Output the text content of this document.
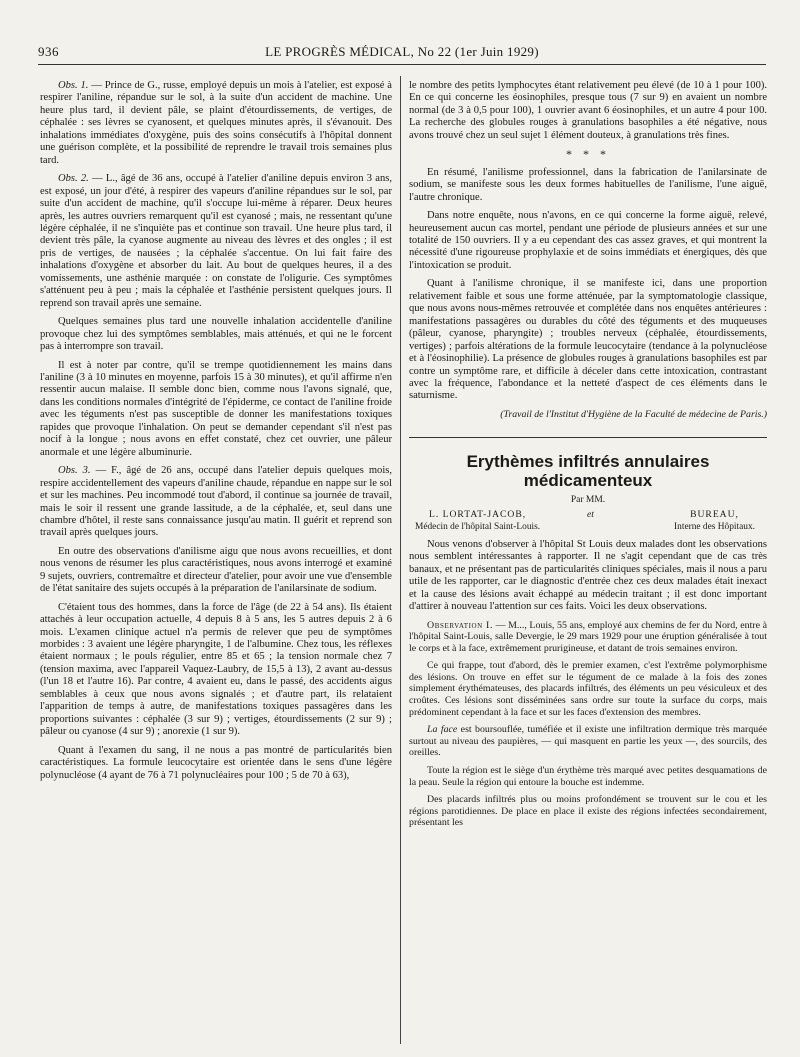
936	LE PROGRÈS MÉDICAL, No 22 (1er Juin 1929)

Obs. 1. — Prince de G., russe, employé depuis un mois à l'atelier, est exposé à respirer l'aniline, répandue sur le sol, à la suite d'un accident de machine. Une heure plus tard, il devient pâle, se plaint d'étourdissements, de vertiges, de céphalée : ses lèvres se cyanosent, et quelques minutes après, il s'évanouit. Des inhalations immédiates d'oxygène, puis des soins consécutifs à l'hôpital donnent une guérison complète, et la possibilité de reprendre le travail trois semaines plus tard.

Obs. 2. — L., âgé de 36 ans, occupé à l'atelier d'aniline depuis environ 3 ans, est exposé, un jour d'été, à respirer des vapeurs d'aniline répandues sur le sol, par suite d'un accident de machine, qu'il s'occupe lui-même à réparer. Deux heures après, les autres ouvriers remarquent qu'il est cyanosé ; mais, ne ressentant qu'une légère céphalée, il ne s'inquiète pas et continue son travail. Une heure plus tard, il devient très pâle, la cyanose augmente au niveau des lèvres et des ongles ; il est pris de vertiges, de nausées ; la céphalée s'accentue. On lui fait faire des inhalations d'oxygène et absorber du lait. Au bout de quelques heures, il a des vomissements, une asthénie marquée : on constate de l'oligurie. Ces symptômes s'atténuent peu à peu ; mais la céphalée et l'asthénie persistent quelques jours. Il reprend son travail après une semaine.

Quelques semaines plus tard une nouvelle inhalation accidentelle d'aniline provoque chez lui des symptômes semblables, mais atténués, et qui ne le forcent pas à interrompre son travail.

Il est à noter par contre, qu'il se trempe quotidiennement les mains dans l'aniline (3 à 10 minutes en moyenne, parfois 15 à 30 minutes), et qu'il affirme n'en ressentir aucun malaise. Il semble donc bien, comme nous l'avons signalé, que, dans les conditions normales d'intégrité de l'épiderme, ce contact de l'aniline froide avec les téguments n'est pas susceptible de donner les manifestations toxiques rapides que provoque l'inhalation. On peut se demander cependant s'il n'est pas nocif à la longue ; nous avons en effet constaté, chez cet ouvrier, une pâleur anormale et une légère albuminurie.

Obs. 3. — F., âgé de 26 ans, occupé dans l'atelier depuis quelques mois, respire accidentellement des vapeurs d'aniline chaude, répandue en nappe sur le sol et sur les machines. Peu incommodé tout d'abord, il continue sa journée de travail, mais le soir il ressent une grande lassitude, a de la céphalée, et, seul dans une chambre d'hôtel, il reste sans connaissance jusqu'au matin. Il guérit et reprend son travail après quelques jours.

En outre des observations d'anilisme aigu que nous avons recueillies, et dont nous venons de résumer les plus caractéristiques, nous avons interrogé et examiné 9 sujets, ouvriers, contremaître et directeur d'atelier, pour avoir une vue d'ensemble de l'état sanitaire des sujets occupés à la préparation de l'anilarsinate de sodium.

C'étaient tous des hommes, dans la force de l'âge (de 22 à 54 ans). Ils étaient attachés à leur occupation actuelle, 4 depuis 8 à 5 ans, les 5 autres depuis 2 à 6 mois. L'examen clinique actuel n'a permis de relever que peu de symptômes morbides : 3 avaient une légère pharyngite, 1 de l'albumine. Chez tous, les réflexes étaient normaux ; le pouls régulier, entre 85 et 65 ; la tension normale chez 7 (tension maxima, avec l'appareil Vaquez-Laubry, de 15,5 à 13), 2 avant au-dessus (l'un 18 et l'autre 16). Par contre, 4 avaient eu, dans le passé, des accidents aigus semblables à ceux que nous avons signalés ; et d'autre part, ils relataient l'apparition de temps à autre, de manifestations toxiques passagères dans les proportions suivantes : céphalée (3 sur 9) ; vertiges, étourdissements (2 sur 9) ; pâleur ou cyanose (4 sur 9) ; anorexie (1 sur 9).

Quant à l'examen du sang, il ne nous a pas montré de particularités bien caractéristiques. La formule leucocytaire est orientée dans le sens d'une légère polynucléose (4 ayant de 76 à 71 polynucléaires pour 100 ; 5 de 70 à 63),

le nombre des petits lymphocytes étant relativement peu élevé (de 10 à 1 pour 100). En ce qui concerne les éosinophiles, presque tous (7 sur 9) en avaient un nombre normal (de 3 à 0,5 pour 100), 1 ouvrier avant 6 éosinophiles, et un autre 4 pour 100. La recherche des globules rouges à granulations basophiles a été négative, nous avons trouvé chez un seul sujet 1 élément douteux, à granulations très fines.

* * *

En résumé, l'anilisme professionnel, dans la fabrication de l'anilarsinate de sodium, se manifeste sous les deux formes habituelles de l'anilisme, l'une aiguë, l'autre chronique.

Dans notre enquête, nous n'avons, en ce qui concerne la forme aiguë, relevé, heureusement aucun cas mortel, pendant une période de plusieurs années et sur une totalité de 150 ouvriers. Il y a eu cependant des cas assez graves, et qui montrent la nécessité d'une rigoureuse prophylaxie et de soins immédiats et énergiques, dès que l'intoxication se produit.

Quant à l'anilisme chronique, il se manifeste ici, dans une proportion relativement faible et sous une forme atténuée, par la symptomatologie classique, que nous avons nous-mêmes retrouvée et complétée dans nos enquêtes antérieures : manifestations passagères ou durables du côté des téguments et des muqueuses (pâleur, cyanose, pharyngite) ; troubles nerveux (céphalée, étourdissements, vertiges) ; parfois altérations de la formule leucocytaire (tendance à la polynucléose et à l'éosinophilie). La présence de globules rouges à granulations basophiles est par contre un symptôme rare, et difficile à déceler dans cette intoxication, contrastant avec la fréquence, l'abondance et la netteté d'aspect de ces éléments dans le saturnisme.

(Travail de l'Institut d'Hygiène de la Faculté de médecine de Paris.)
Erythèmes infiltrés annulaires médicamenteux
Par MM.
L. LORTAT-JACOB,
Médecin de l'hôpital Saint-Louis.
et	BUREAU,
Interne des Hôpitaux.

Nous venons d'observer à l'hôpital St Louis deux malades dont les observations nous semblent intéressantes à rapporter. Il ne s'agit cependant que de cas très banaux, et ne présentant pas de particularités cliniques spéciales, mais il nous a paru utile de les rapporter, car le diagnostic d'entrée chez ces deux malades était inexact et la cause des lésions avait échappé au médecin traitant ; il est donc important d'attirer à nouveau l'attention sur ces faits. Voici les deux observations.

Observation I. — M..., Louis, 55 ans, employé aux chemins de fer du Nord, entre à l'hôpital Saint-Louis, salle Devergie, le 29 mars 1929 pour une éruption généralisée à tout le corps et à la face, extrêmement prurigineuse, et datant de trois semaines environ.

Ce qui frappe, tout d'abord, dès le premier examen, c'est l'extrême polymorphisme des lésions. On trouve en effet sur le tégument de ce malade à la fois des zones simplement érythémateuses, des placards infiltrés, des éléments un peu vésiculeux et des croûtes. Ces lésions sont disséminées sans ordre sur toute la surface du corps, mais prédominent cependant à la face et sur les faces d'extension des membres.

La face est boursouflée, tuméfiée et il existe une infiltration dermique très marquée surtout au niveau des paupières, — qui masquent en partie les yeux —, des sourcils, des oreilles.

Toute la région est le siège d'un érythème très marqué avec petites desquamations de la peau. Seule la région qui entoure la bouche est indemme.

Des placards infiltrés plus ou moins profondément se trouvent sur le cou et les régions parotidiennes. De place en place il existe des régions infectées secondairement, présentant les
